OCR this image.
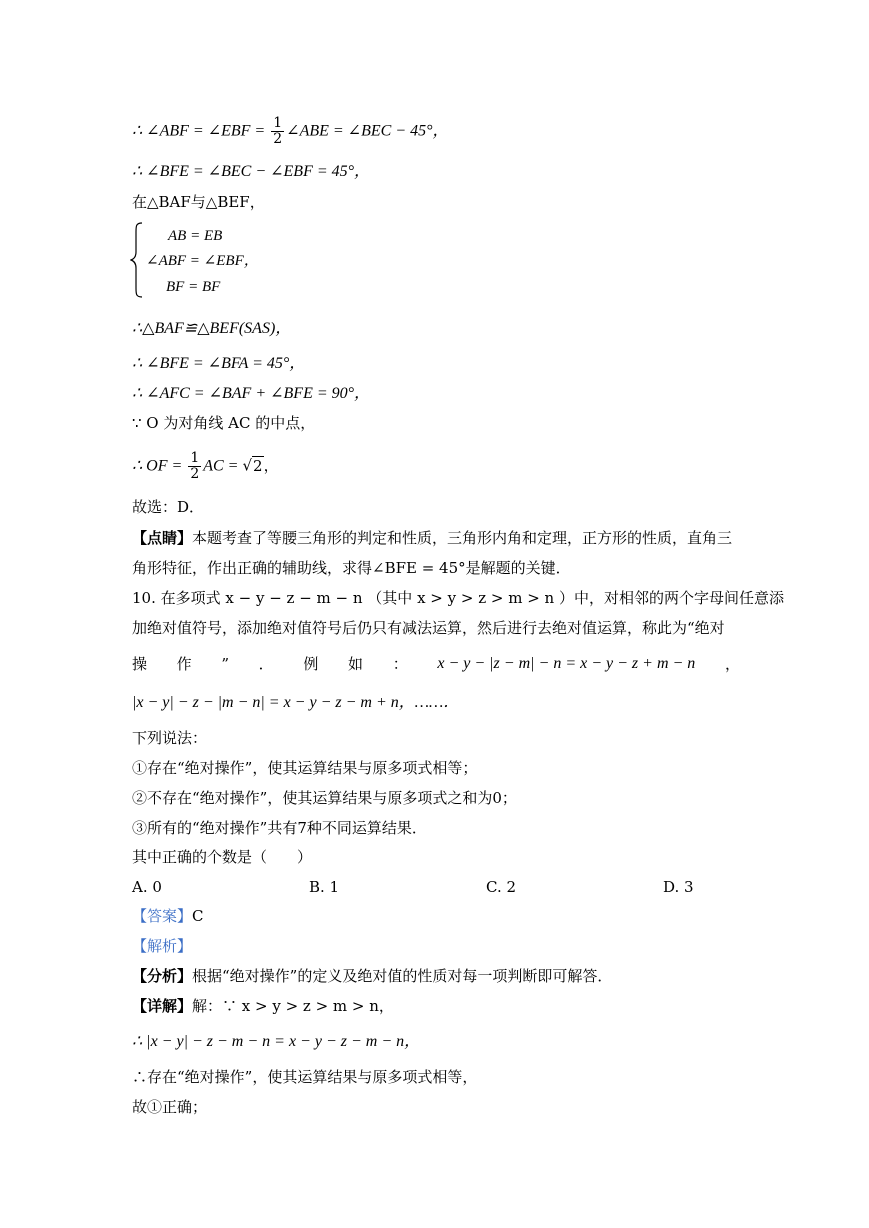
∴ ∠ABF = ∠EBF = $\frac{1}{2}$ ∠ABE = ∠BEC − 45°，
∴ ∠BFE = ∠BEC − ∠EBF = 45°，
在△BAF与△BEF，
AB = EB
∠ABF = ∠EBF，
BF = BF
∴△BAF≌△BEF(SAS)，
∴ ∠BFE = ∠BFA = 45°，
∴ ∠AFC = ∠BAF + ∠BFE = 90°，
∵ O 为对角线 AC 的中点，
∴ OF = $\frac{1}{2}$ AC = √2，
故选：D．
【点睛】本题考查了等腰三角形的判定和性质，三角形内角和定理，正方形的性质，直角三
角形特征，作出正确的辅助线，求得∠BFE = 45°是解题的关键．
10. 在多项式 x − y − z − m − n （其中 x > y > z > m > n ）中，对相邻的两个字母间任意添
加绝对值符号，添加绝对值符号后仍只有减法运算，然后进行去绝对值运算，称此为“绝对
操 作 ” ． 例 如 ： x − y − |z − m| − n = x − y − z + m − n ，
|x − y| − z − |m − n| = x − y − z − m + n，……．
下列说法：
①存在“绝对操作”，使其运算结果与原多项式相等；
②不存在“绝对操作”，使其运算结果与原多项式之和为0；
③所有的“绝对操作”共有7种不同运算结果．
其中正确的个数是（　　）
A. 0	B. 1	C. 2	D. 3
【答案】C
【解析】
【分析】根据“绝对操作”的定义及绝对值的性质对每一项判断即可解答．
【详解】解：∵ x > y > z > m > n，
∴ |x − y| − z − m − n = x − y − z − m − n，
∴存在“绝对操作”，使其运算结果与原多项式相等，
故①正确；
